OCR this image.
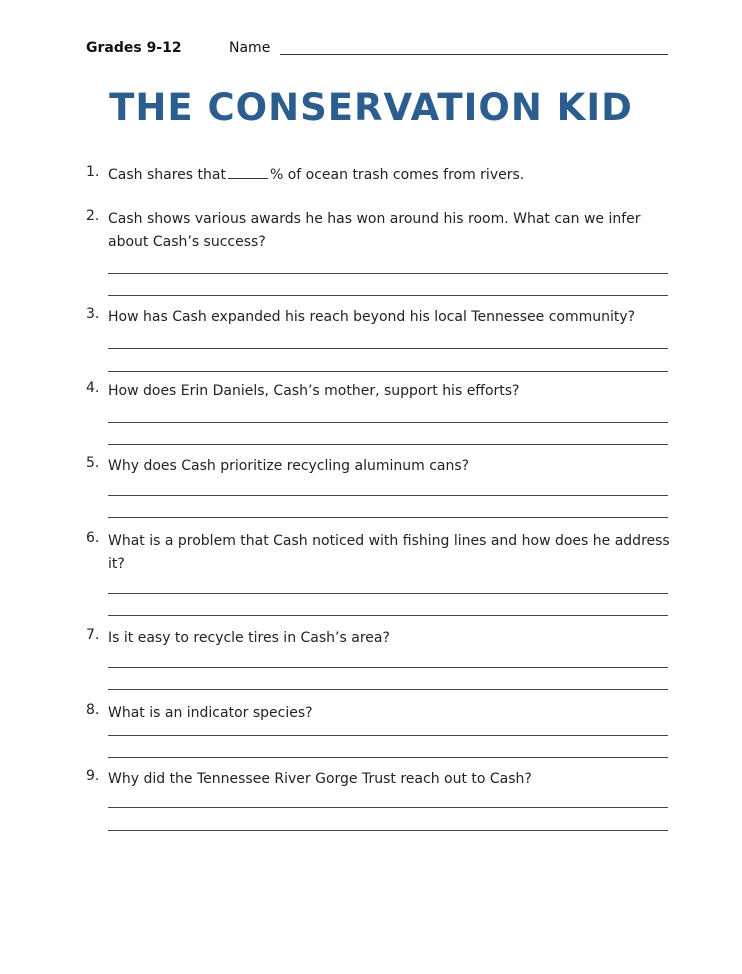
Grades 9-12	Name
THE CONSERVATION KID
1. Cash shares that	% of ocean trash comes from rivers.
2. Cash shows various awards he has won around his room. What can we infer about Cash’s success?
3. How has Cash expanded his reach beyond his local Tennessee community?
4. How does Erin Daniels, Cash’s mother, support his efforts?
5. Why does Cash prioritize recycling aluminum cans?
6. What is a problem that Cash noticed with fishing lines and how does he address it?
7. Is it easy to recycle tires in Cash’s area?
8. What is an indicator species?
9. Why did the Tennessee River Gorge Trust reach out to Cash?
